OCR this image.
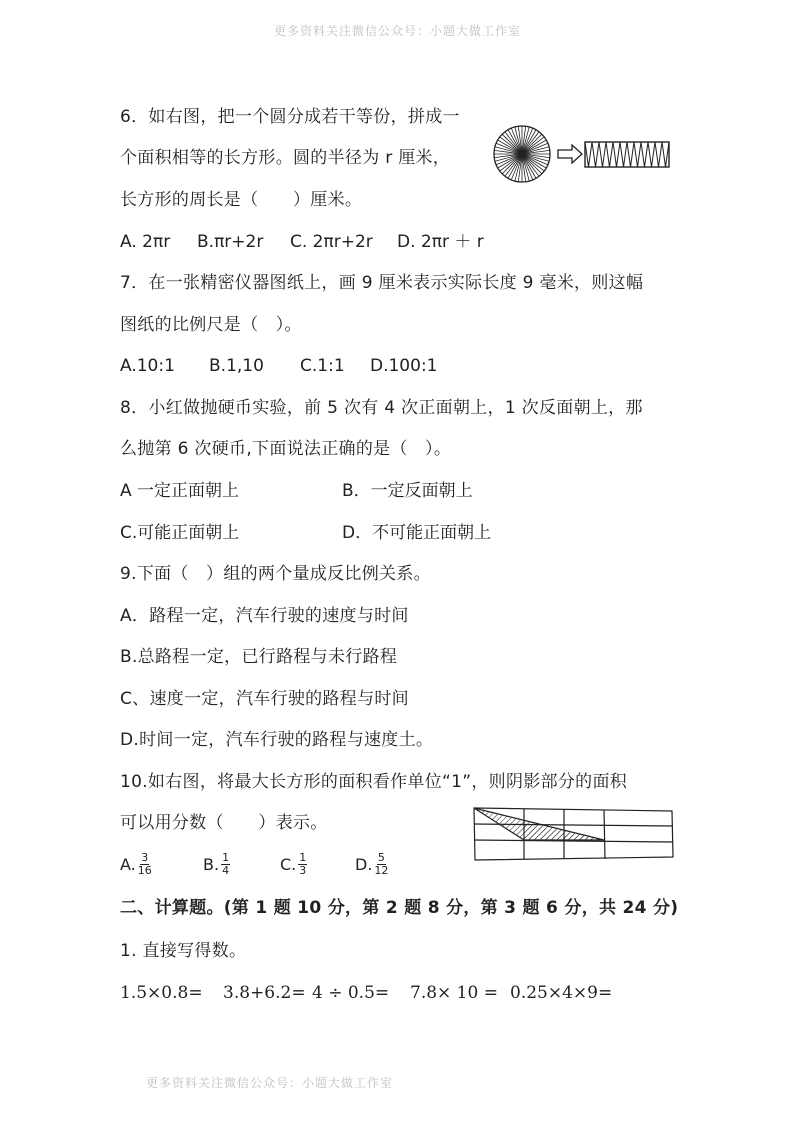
更多资料关注微信公众号：小题大做工作室
6．如右图，把一个圆分成若干等份，拼成一
个面积相等的长方形。圆的半径为 r 厘米，
长方形的周长是（　　）厘米。
A. 2πr B.πr+2r C. 2πr+2r D. 2πr ＋ r
7．在一张精密仪器图纸上，画 9 厘米表示实际长度 9 毫米，则这幅
图纸的比例尺是（　）。
A.10:1 B.1,10 C.1:1 D.100:1
8．小红做抛硬币实验，前 5 次有 4 次正面朝上，1 次反面朝上，那
么抛第 6 次硬币,下面说法正确的是（　）。
A 一定正面朝上	B．一定反面朝上
C.可能正面朝上	D．不可能正面朝上
9.下面（　）组的两个量成反比例关系。
A．路程一定，汽车行驶的速度与时间
B.总路程一定，已行路程与未行路程
C、速度一定，汽车行驶的路程与时间
D.时间一定，汽车行驶的路程与速度土。
10.如右图，将最大长方形的面积看作单位“1”，则阴影部分的面积
可以用分数（　　）表示。
A. $\frac{3}{16}$	B. $\frac{1}{4}$	C. $\frac{1}{3}$	D. $\frac{5}{12}$
二、计算题。(第 1 题 10 分，第 2 题 8 分，第 3 题 6 分，共 24 分)
1. 直接写得数。
1.5×0.8= 3.8+6.2= 4 ÷ 0.5= 7.8× 10 = 0.25×4×9=
更多资料关注微信公众号：小题大做工作室
